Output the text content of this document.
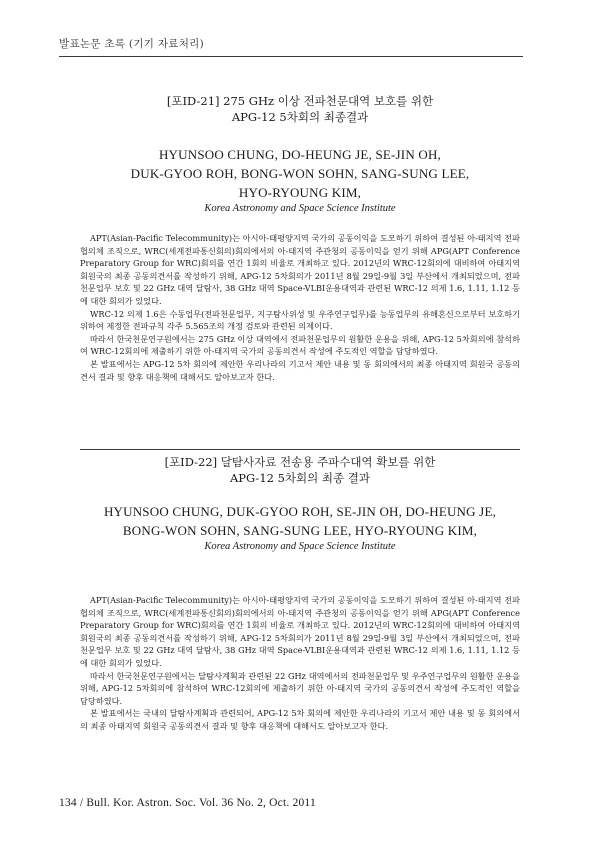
발표논문 초록 (기기 자료처리)
[포ID-21] 275 GHz 이상 전파천문대역 보호를 위한
APG-12 5차회의 최종결과
HYUNSOO CHUNG, DO-HEUNG JE, SE-JIN OH,
DUK-GYOO ROH, BONG-WON SOHN, SANG-SUNG LEE,
HYO-RYOUNG KIM,
Korea Astronomy and Space Science Institute

APT(Asian-Pacific Telecommunity)는 아시아-태평양지역 국가의 공동이익을 도모하기 위하여 결성된 아-태지역 전파협의체 조직으로, WRC(세계전파통신회의)회의에서의 아-태지역 주관청의 공동이익을 얻기 위해 APG(APT Conference Preparatory Group for WRC)회의를 연간 1회의 비율로 개최하고 있다. 2012년의 WRC-12회의에 대비하여 아태지역 회원국의 최종 공동의견서를 작성하기 위해, APG-12 5차회의가 2011년 8월 29일-9월 3일 부산에서 개최되었으며, 전파천문업무 보호 및 22 GHz 대역 달탐사, 38 GHz 대역 Space-VLBI운용대역과 관련된 WRC-12 의제 1.6, 1.11, 1.12 등에 대한 회의가 있었다.

WRC-12 의제 1.6은 수동업무(전파천문업무, 지구탐사위성 및 우주연구업무)를 능동업무의 유해혼신으로부터 보호하기 위하여 제정한 전파규칙 각주 5.565조의 개정 검토와 관련된 의제이다.

따라서 한국천문연구원에서는 275 GHz 이상 대역에서 전파천문업무의 원활한 운용을 위해, APG-12 5차회의에 참석하여 WRC-12회의에 제출하기 위한 아-태지역 국가의 공동의견서 작성에 주도적인 역할을 담당하였다.

본 발표에서는 APG-12 5차 회의에 제안한 우리나라의 기고서 제안 내용 및 동 회의에서의 최종 아태지역 회원국 공동의견서 결과 및 향후 대응책에 대해서도 알아보고자 한다.

[포ID-22] 달탐사자료 전송용 주파수대역 확보를 위한
APG-12 5차회의 최종 결과
HYUNSOO CHUNG, DUK-GYOO ROH, SE-JIN OH, DO-HEUNG JE,
BONG-WON SOHN, SANG-SUNG LEE, HYO-RYOUNG KIM,
Korea Astronomy and Space Science Institute

APT(Asian-Pacific Telecommunity)는 아시아-태평양지역 국가의 공동이익을 도모하기 위하여 결성된 아-태지역 전파협의체 조직으로, WRC(세계전파통신회의)회의에서의 아-태지역 주관청의 공동이익을 얻기 위해 APG(APT Conference Preparatory Group for WRC)회의를 연간 1회의 비율로 개최하고 있다. 2012년의 WRC-12회의에 대비하여 아태지역 회원국의 최종 공동의견서를 작성하기 위해, APG-12 5차회의가 2011년 8월 29일-9월 3일 부산에서 개최되었으며, 전파천문업무 보호 및 22 GHz 대역 달탐사, 38 GHz 대역 Space-VLBI운용대역과 관련된 WRC-12 의제 1.6, 1.11, 1.12 등에 대한 회의가 있었다.

따라서 한국천문연구원에서는 달탐사계획과 관련된 22 GHz 대역에서의 전파천문업무 및 우주연구업무의 원활한 운용을 위해, APG-12 5차회의에 참석하여 WRC-12회의에 제출하기 위한 아-태지역 국가의 공동의견서 작성에 주도적인 역할을 담당하였다.

본 발표에서는 국내의 달탐사계획과 관련되어, APG-12 5차 회의에 제안한 우리나라의 기고서 제안 내용 및 동 회의에서의 최종 아태지역 회원국 공동의견서 결과 및 향후 대응책에 대해서도 알아보고자 한다.

134 / Bull. Kor. Astron. Soc. Vol. 36 No. 2, Oct. 2011
